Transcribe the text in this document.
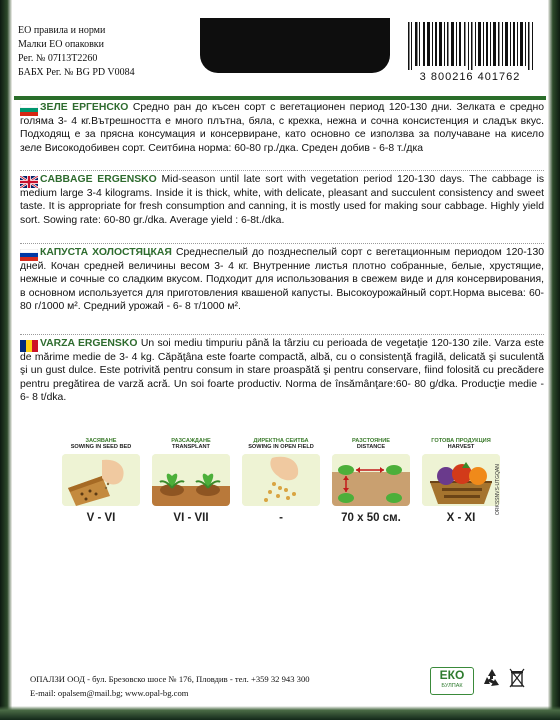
ЕО правила и норми
Малки ЕО опаковки
Рег. № 07I13Т2260
БАБХ Рег. № BG PD V0084	3 800216 401762

ЗЕЛЕ ЕРГЕНСКО Средно ран до късен сорт с вегетационен период 120-130 дни. Зелката е средно голяма 3- 4 кг.Вътрешността е много плътна, бяла, с крехка, нежна и сочна консистенция и сладък вкус. Подходящ е за прясна консумация и консервиране, като основно се използва за получаване на кисело зеле Високодобивен сорт. Сеитбина норма: 60-80 гр./дка. Среден добив - 6-8 т./дка

CABBAGE ERGENSKO Mid-season until late sort with vegetation period 120-130 days. The cabbage is medium large 3-4 kilograms. Inside it is thick, white, with delicate, pleasant and succulent consistency and sweet taste. It is appropriate for fresh consumption and canning, it is mostly used for making sour cabbage. Highly yield sort. Sowing rate: 60-80 gr./dka. Average yield : 6-8t./dka.

КАПУСТА ХОЛОСТЯЦКАЯ Среднеспелый до позднеспелый сорт с вегетационным периодом 120-130 дней. Кочан средней величины весом 3- 4 кг. Внутренние листья плотно собранные, белые, хрустящие, нежные и сочные со сладким вкусом. Подходит для использования в свежем виде и для консервирования, в основном используется для приготовления квашеной капусты. Высокоурожайный сорт.Норма высева: 60- 80 г/1000 м². Средний урожай - 6- 8 т/1000 м².

VARZA ERGENSKO Un soi mediu timpuriu până la târziu cu perioada de vegetaţie 120-130 zile. Varza este de mărime medie de 3- 4 kg. Căpăţâna este foarte compactă, albă, cu o consistenţă fragilă, delicată şi suculentă şi un gust dulce. Este potrivită pentru consum in stare proaspătă şi pentru conservare, fiind folosită cu precădere pentru pregătirea de varză acră. Un soi foarte productiv. Norma de însămânţare:60- 80 g/dka. Producţie medie - 6- 8 t/dka.

ЗАСЯВАНЕ
SOWING IN SEED BED
V - VI
РАЗСАЖДАНЕ
TRANSPLANT
VI - VII
ДИРЕКТНА СЕИТБА
SOWING IN OPEN FIELD
-
РАЗСТОЯНИЕ
DISTANCE
70 x 50 см.
ГОТОВА ПРОДУКЦИЯ
HARVEST
X - XI
ORKSSNVS-UTGQAN
ОПАЛЗИ ООД - бул. Брезовско шосе № 176, Пловдив - тел. +359 32 943 300
E-mail: opalsem@mail.bg; www.opal-bg.com
ЕКО
БУЛПАК
